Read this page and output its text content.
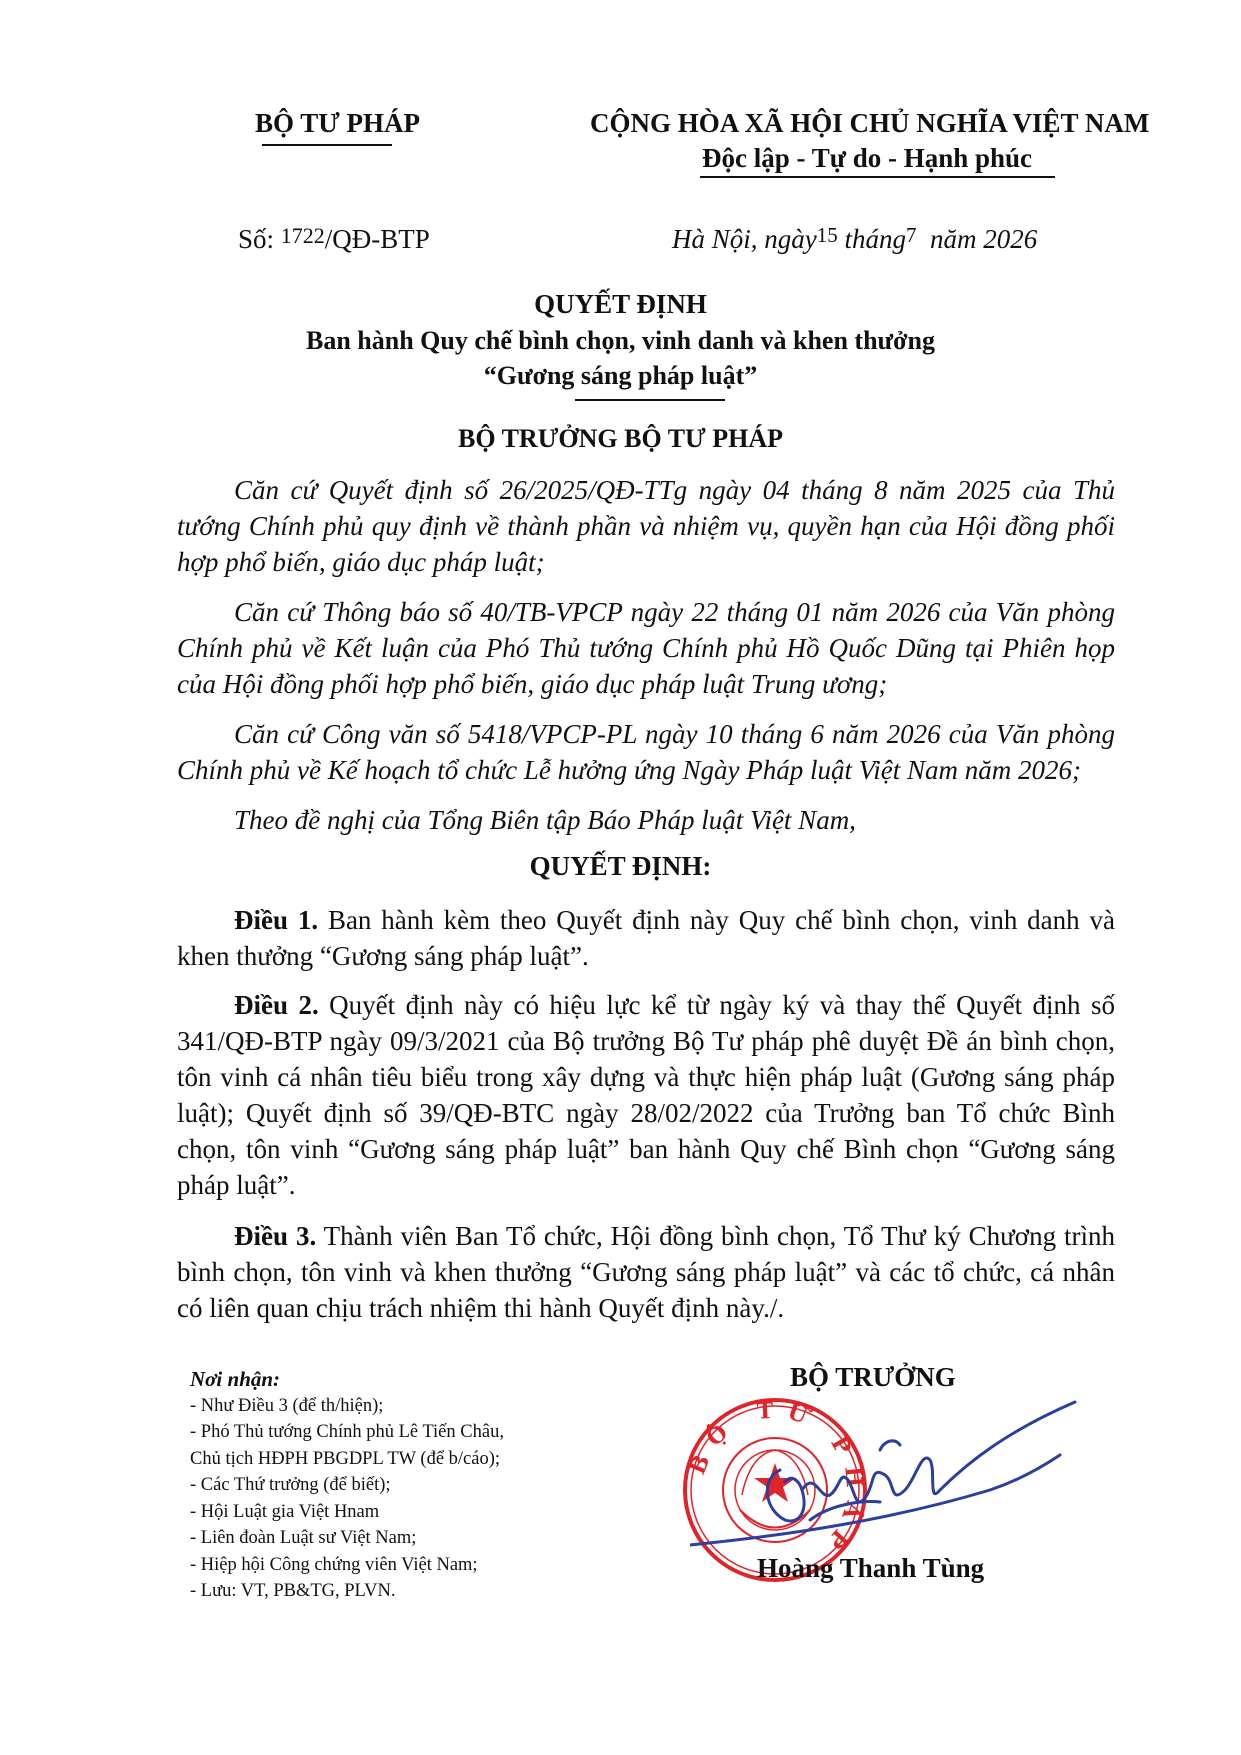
BỘ TƯ PHÁP	CỘNG HÒA XÃ HỘI CHỦ NGHĨA VIỆT NAM
Độc lập - Tự do - Hạnh phúc
Số: 1722/QĐ-BTP	Hà Nội, ngày$^{15}$ tháng$^7$ năm 2026
QUYẾT ĐỊNH
Ban hành Quy chế bình chọn, vinh danh và khen thưởng
“Gương sáng pháp luật”
BỘ TRƯỞNG BỘ TƯ PHÁP
Căn cứ Quyết định số 26/2025/QĐ-TTg ngày 04 tháng 8 năm 2025 của Thủ tướng Chính phủ quy định về thành phần và nhiệm vụ, quyền hạn của Hội đồng phối hợp phổ biến, giáo dục pháp luật;
Căn cứ Thông báo số 40/TB-VPCP ngày 22 tháng 01 năm 2026 của Văn phòng Chính phủ về Kết luận của Phó Thủ tướng Chính phủ Hồ Quốc Dũng tại Phiên họp của Hội đồng phối hợp phổ biến, giáo dục pháp luật Trung ương;
Căn cứ Công văn số 5418/VPCP-PL ngày 10 tháng 6 năm 2026 của Văn phòng Chính phủ về Kế hoạch tổ chức Lễ hưởng ứng Ngày Pháp luật Việt Nam năm 2026;
Theo đề nghị của Tổng Biên tập Báo Pháp luật Việt Nam,
QUYẾT ĐỊNH:
Điều 1. Ban hành kèm theo Quyết định này Quy chế bình chọn, vinh danh và khen thưởng “Gương sáng pháp luật”.
Điều 2. Quyết định này có hiệu lực kể từ ngày ký và thay thế Quyết định số 341/QĐ-BTP ngày 09/3/2021 của Bộ trưởng Bộ Tư pháp phê duyệt Đề án bình chọn, tôn vinh cá nhân tiêu biểu trong xây dựng và thực hiện pháp luật (Gương sáng pháp luật); Quyết định số 39/QĐ-BTC ngày 28/02/2022 của Trưởng ban Tổ chức Bình chọn, tôn vinh “Gương sáng pháp luật” ban hành Quy chế Bình chọn “Gương sáng pháp luật”.
Điều 3. Thành viên Ban Tổ chức, Hội đồng bình chọn, Tổ Thư ký Chương trình bình chọn, tôn vinh và khen thưởng “Gương sáng pháp luật” và các tổ chức, cá nhân có liên quan chịu trách nhiệm thi hành Quyết định này./.
Nơi nhận:
- Như Điều 3 (để th/hiện);
- Phó Thủ tướng Chính phủ Lê Tiến Châu,
Chủ tịch HĐPH PBGDPL TW (để b/cáo);
- Các Thứ trưởng (để biết);
- Hội Luật gia Việt Hnam
- Liên đoàn Luật sư Việt Nam;
- Hiệp hội Công chứng viên Việt Nam;
- Lưu: VT, PB&TG, PLVN.
BỘ TRƯỞNG
BỘ TƯ PHÁP
Hoàng Thanh Tùng
